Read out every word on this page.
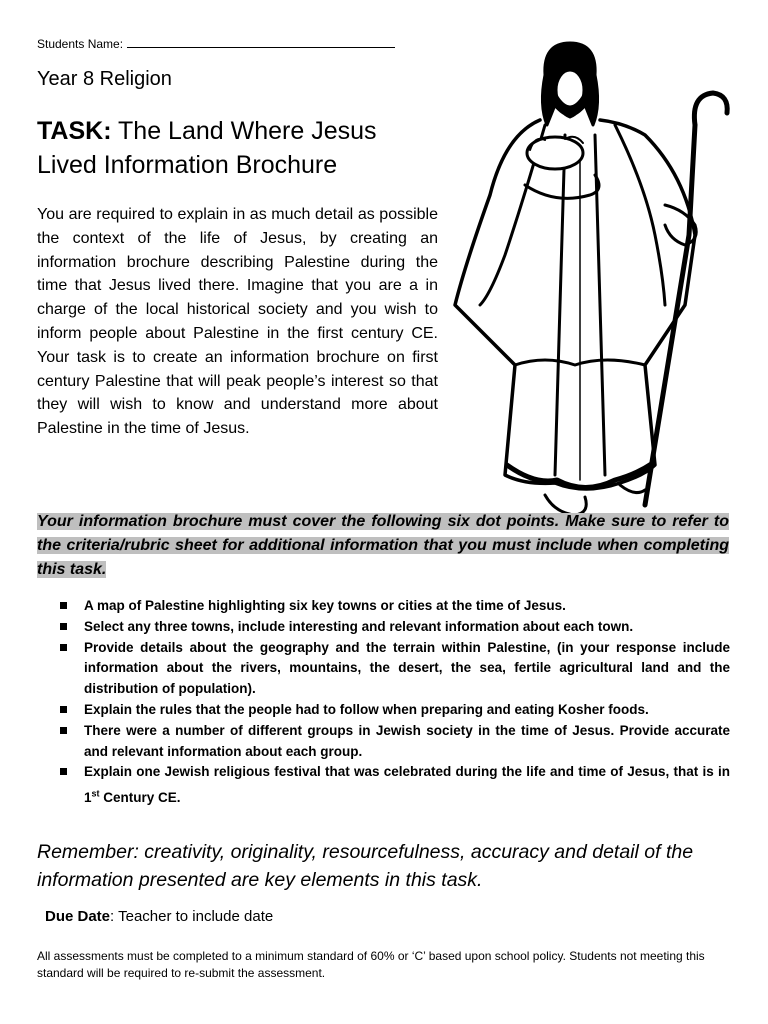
Students Name:
Year 8 Religion
TASK: The Land Where Jesus Lived Information Brochure

You are required to explain in as much detail as possible the context of the life of Jesus, by creating an information brochure describing Palestine during the time that Jesus lived there. Imagine that you are a in charge of the local historical society and you wish to inform people about Palestine in the first century CE. Your task is to create an information brochure on first century Palestine that will peak people’s interest so that they will wish to know and understand more about Palestine in the time of Jesus.

Your information brochure must cover the following six dot points. Make sure to refer to the criteria/rubric sheet for additional information that you must include when completing this task.
A map of Palestine highlighting six key towns or cities at the time of Jesus.
Select any three towns, include interesting and relevant information about each town.
Provide details about the geography and the terrain within Palestine, (in your response include information about the rivers, mountains, the desert, the sea, fertile agricultural land and the distribution of population).
Explain the rules that the people had to follow when preparing and eating Kosher foods.
There were a number of different groups in Jewish society in the time of Jesus. Provide accurate and relevant information about each group.
Explain one Jewish religious festival that was celebrated during the life and time of Jesus, that is in 1st Century CE.
Remember: creativity, originality, resourcefulness, accuracy and detail of the information presented are key elements in this task.
Due Date: Teacher to include date
All assessments must be completed to a minimum standard of 60% or ‘C’ based upon school policy. Students not meeting this standard will be required to re-submit the assessment.
